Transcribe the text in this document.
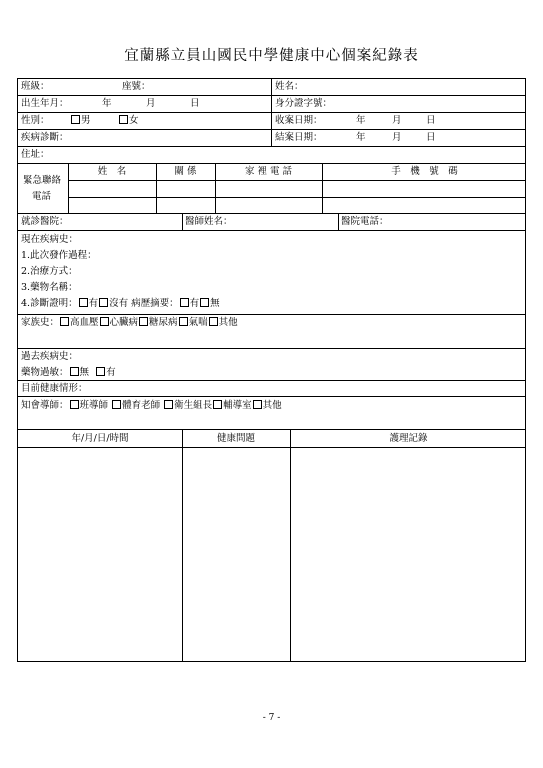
宜蘭縣立員山國民中學健康中心個案紀錄表
班級：	座號：	姓名：
出生年月：	年	月	日	身分證字號：
性別：	男	女	收案日期：	年	月	日
疾病診斷：	結案日期：	年	月	日
住址：
緊急聯絡
電話
姓　名	關 係	家 裡 電 話	手　機　號　碼
就診醫院：	醫師姓名：	醫院電話：
現在疾病史：
1.此次發作過程：
2.治療方式：
3.藥物名稱：
4.診斷證明： 有 沒有 病歷摘要： 有 無
家族史： 高血壓 心臟病 糖尿病 氣喘 其他
過去疾病史：
藥物過敏： 無 有
目前健康情形：
知會導師： 班導師 體育老師 衛生組長 輔導室 其他
年/月/日/時間	健康問題	護理記錄
- 7 -
